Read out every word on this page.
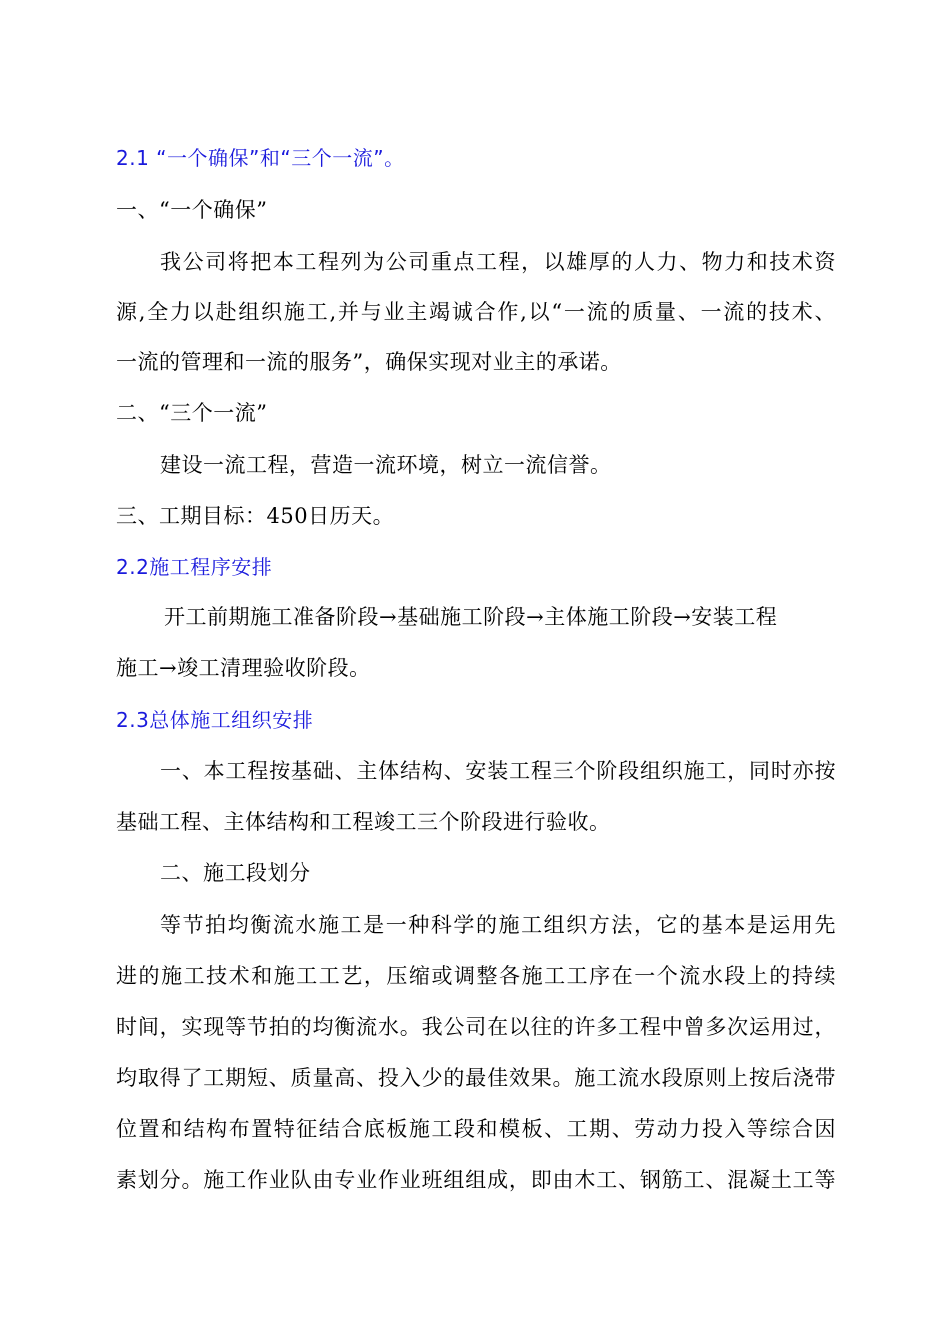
2.1 “一个确保”和“三个一流”。
一、“一个确保”
我公司将把本工程列为公司重点工程，以雄厚的人力、物力和技术资
源,全力以赴组织施工,并与业主竭诚合作,以“一流的质量、一流的技术、
一流的管理和一流的服务”，确保实现对业主的承诺。
二、“三个一流”
建设一流工程，营造一流环境，树立一流信誉。
三、工期目标：450日历天。
2.2施工程序安排
开工前期施工准备阶段→基础施工阶段→主体施工阶段→安装工程
施工→竣工清理验收阶段。
2.3总体施工组织安排
一、本工程按基础、主体结构、安装工程三个阶段组织施工，同时亦按
基础工程、主体结构和工程竣工三个阶段进行验收。
二、施工段划分
等节拍均衡流水施工是一种科学的施工组织方法，它的基本是运用先
进的施工技术和施工工艺，压缩或调整各施工工序在一个流水段上的持续
时间，实现等节拍的均衡流水。我公司在以往的许多工程中曾多次运用过，
均取得了工期短、质量高、投入少的最佳效果。施工流水段原则上按后浇带
位置和结构布置特征结合底板施工段和模板、工期、劳动力投入等综合因
素划分。施工作业队由专业作业班组组成，即由木工、钢筋工、混凝土工等
